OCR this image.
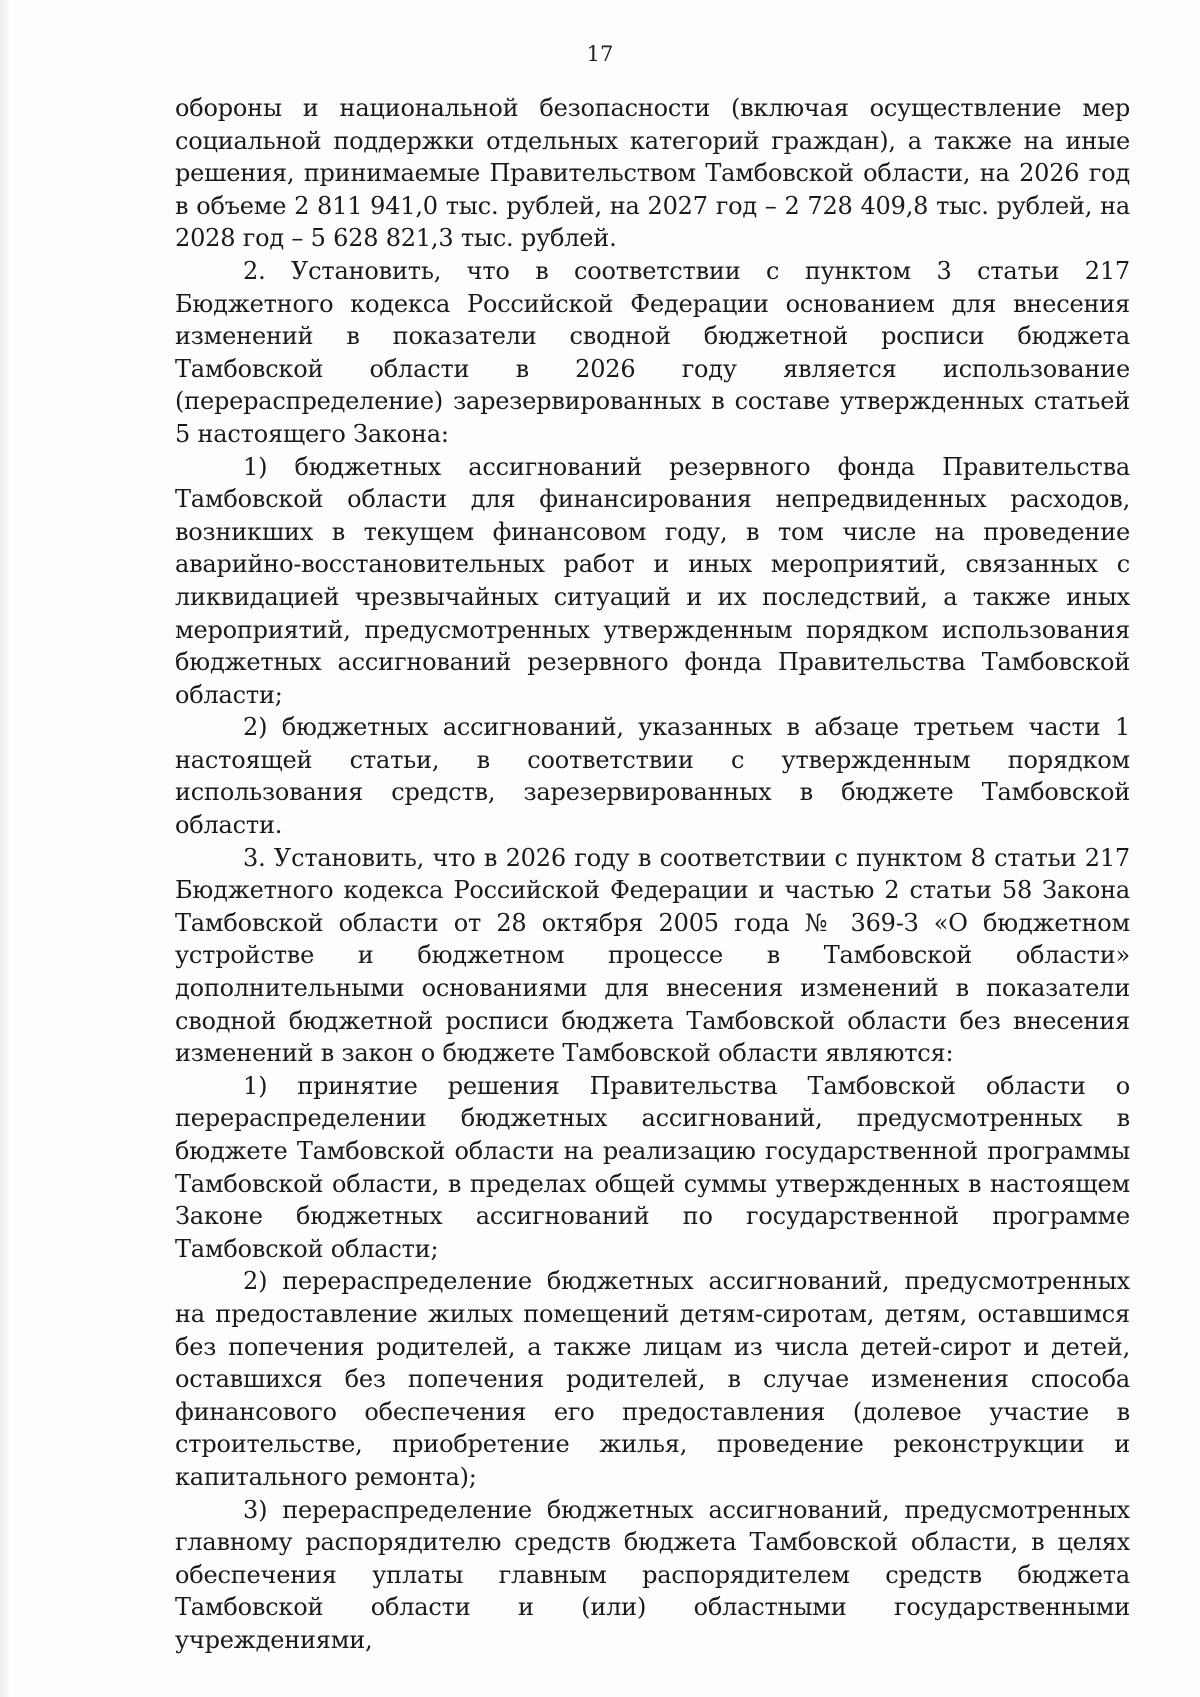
17

обороны и национальной безопасности (включая осуществление мер социальной поддержки отдельных категорий граждан), а также на иные решения, принимаемые Правительством Тамбовской области, на 2026 год в объеме 2 811 941,0 тыс. рублей, на 2027 год – 2 728 409,8 тыс. рублей, на 2028 год – 5 628 821,3 тыс. рублей.

2. Установить, что в соответствии с пунктом 3 статьи 217 Бюджетного кодекса Российской Федерации основанием для внесения изменений в показатели сводной бюджетной росписи бюджета Тамбовской области в 2026 году является использование (перераспределение) зарезервированных в составе утвержденных статьей 5 настоящего Закона:

1) бюджетных ассигнований резервного фонда Правительства Тамбовской области для финансирования непредвиденных расходов, возникших в текущем финансовом году, в том числе на проведение аварийно-восстановительных работ и иных мероприятий, связанных с ликвидацией чрезвычайных ситуаций и их последствий, а также иных мероприятий, предусмотренных утвержденным порядком использования бюджетных ассигнований резервного фонда Правительства Тамбовской области;

2) бюджетных ассигнований, указанных в абзаце третьем части 1 настоящей статьи, в соответствии с утвержденным порядком использования средств, зарезервированных в бюджете Тамбовской области.

3. Установить, что в 2026 году в соответствии с пунктом 8 статьи 217 Бюджетного кодекса Российской Федерации и частью 2 статьи 58 Закона Тамбовской области от 28 октября 2005 года № 369-З «О бюджетном устройстве и бюджетном процессе в Тамбовской области» дополнительными основаниями для внесения изменений в показатели сводной бюджетной росписи бюджета Тамбовской области без внесения изменений в закон о бюджете Тамбовской области являются:

1) принятие решения Правительства Тамбовской области о перераспределении бюджетных ассигнований, предусмотренных в бюджете Тамбовской области на реализацию государственной программы Тамбовской области, в пределах общей суммы утвержденных в настоящем Законе бюджетных ассигнований по государственной программе Тамбовской области;

2) перераспределение бюджетных ассигнований, предусмотренных на предоставление жилых помещений детям-сиротам, детям, оставшимся без попечения родителей, а также лицам из числа детей-сирот и детей, оставшихся без попечения родителей, в случае изменения способа финансового обеспечения его предоставления (долевое участие в строительстве, приобретение жилья, проведение реконструкции и капитального ремонта);

3) перераспределение бюджетных ассигнований, предусмотренных главному распорядителю средств бюджета Тамбовской области, в целях обеспечения уплаты главным распорядителем средств бюджета Тамбовской области и (или) областными государственными учреждениями,
